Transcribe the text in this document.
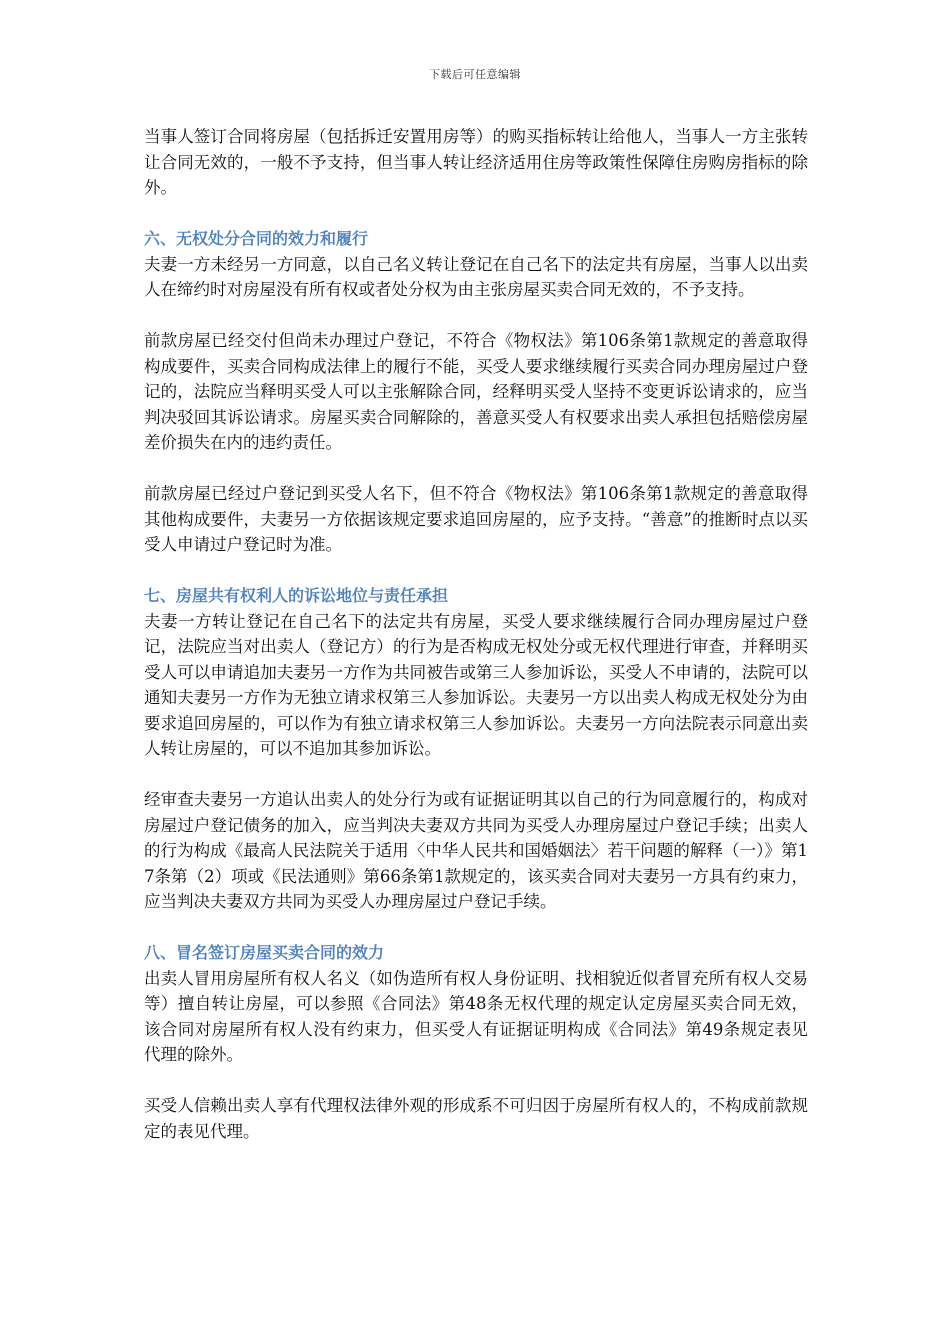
下载后可任意编辑

当事人签订合同将房屋（包括拆迁安置用房等）的购买指标转让给他人，当事人一方主张转让合同无效的，一般不予支持，但当事人转让经济适用住房等政策性保障住房购房指标的除外。

六、无权处分合同的效力和履行

夫妻一方未经另一方同意，以自己名义转让登记在自己名下的法定共有房屋，当事人以出卖人在缔约时对房屋没有所有权或者处分权为由主张房屋买卖合同无效的，不予支持。

前款房屋已经交付但尚未办理过户登记，不符合《物权法》第106条第1款规定的善意取得构成要件，买卖合同构成法律上的履行不能，买受人要求继续履行买卖合同办理房屋过户登记的，法院应当释明买受人可以主张解除合同，经释明买受人坚持不变更诉讼请求的，应当判决驳回其诉讼请求。房屋买卖合同解除的，善意买受人有权要求出卖人承担包括赔偿房屋差价损失在内的违约责任。

前款房屋已经过户登记到买受人名下，但不符合《物权法》第106条第1款规定的善意取得其他构成要件，夫妻另一方依据该规定要求追回房屋的，应予支持。“善意”的推断时点以买受人申请过户登记时为准。

七、房屋共有权利人的诉讼地位与责任承担

夫妻一方转让登记在自己名下的法定共有房屋，买受人要求继续履行合同办理房屋过户登记，法院应当对出卖人（登记方）的行为是否构成无权处分或无权代理进行审查，并释明买受人可以申请追加夫妻另一方作为共同被告或第三人参加诉讼，买受人不申请的，法院可以通知夫妻另一方作为无独立请求权第三人参加诉讼。夫妻另一方以出卖人构成无权处分为由要求追回房屋的，可以作为有独立请求权第三人参加诉讼。夫妻另一方向法院表示同意出卖人转让房屋的，可以不追加其参加诉讼。

经审查夫妻另一方追认出卖人的处分行为或有证据证明其以自己的行为同意履行的，构成对房屋过户登记债务的加入，应当判决夫妻双方共同为买受人办理房屋过户登记手续；出卖人的行为构成《最高人民法院关于适用〈中华人民共和国婚姻法〉若干问题的解释（一）》第17条第（2）项或《民法通则》第66条第1款规定的，该买卖合同对夫妻另一方具有约束力，应当判决夫妻双方共同为买受人办理房屋过户登记手续。

八、冒名签订房屋买卖合同的效力

出卖人冒用房屋所有权人名义（如伪造所有权人身份证明、找相貌近似者冒充所有权人交易等）擅自转让房屋，可以参照《合同法》第48条无权代理的规定认定房屋买卖合同无效，该合同对房屋所有权人没有约束力，但买受人有证据证明构成《合同法》第49条规定表见代理的除外。

买受人信赖出卖人享有代理权法律外观的形成系不可归因于房屋所有权人的，不构成前款规定的表见代理。
